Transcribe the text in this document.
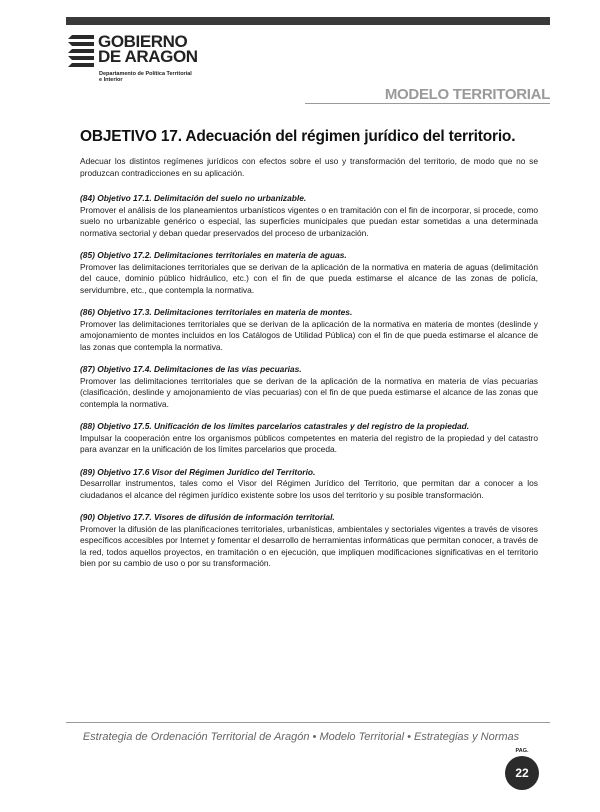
GOBIERNO
DE ARAGON
Departamento de Política Territorial
e Interior
MODELO TERRITORIAL
OBJETIVO 17. Adecuación del régimen jurídico del territorio.

Adecuar los distintos regímenes jurídicos con efectos sobre el uso y transformación del territorio, de modo que no se produzcan contradicciones en su aplicación.

(84) Objetivo 17.1. Delimitación del suelo no urbanizable.

Promover el análisis de los planeamientos urbanísticos vigentes o en tramitación con el fin de incorporar, si procede, como suelo no urbanizable genérico o especial, las superficies municipales que puedan estar sometidas a una determinada normativa sectorial y deban quedar preservados del proceso de urbanización.

(85) Objetivo 17.2. Delimitaciones territoriales en materia de aguas.

Promover las delimitaciones territoriales que se derivan de la aplicación de la normativa en materia de aguas (delimitación del cauce, dominio público hidráulico, etc.) con el fin de que pueda estimarse el alcance de las zonas de policía, servidumbre, etc., que contempla la normativa.

(86) Objetivo 17.3. Delimitaciones territoriales en materia de montes.

Promover las delimitaciones territoriales que se derivan de la aplicación de la normativa en materia de montes (deslinde y amojonamiento de montes incluidos en los Catálogos de Utilidad Pública) con el fin de que pueda estimarse el alcance de las zonas que contempla la normativa.

(87) Objetivo 17.4. Delimitaciones de las vías pecuarias.

Promover las delimitaciones territoriales que se derivan de la aplicación de la normativa en materia de vías pecuarias (clasificación, deslinde y amojonamiento de vías pecuarias) con el fin de que pueda estimarse el alcance de las zonas que contempla la normativa.

(88) Objetivo 17.5. Unificación de los límites parcelarios catastrales y del registro de la propiedad.

Impulsar la cooperación entre los organismos públicos competentes en materia del registro de la propiedad y del catastro para avanzar en la unificación de los límites parcelarios que proceda.

(89) Objetivo 17.6 Visor del Régimen Jurídico del Territorio.

Desarrollar instrumentos, tales como el Visor del Régimen Jurídico del Territorio, que permitan dar a conocer a los ciudadanos el alcance del régimen jurídico existente sobre los usos del territorio y su posible transformación.

(90) Objetivo 17.7. Visores de difusión de información territorial.

Promover la difusión de las planificaciones territoriales, urbanísticas, ambientales y sectoriales vigentes a través de visores específicos accesibles por Internet y fomentar el desarrollo de herramientas informáticas que permitan conocer, a través de la red, todos aquellos proyectos, en tramitación o en ejecución, que impliquen modificaciones significativas en el territorio bien por su cambio de uso o por su transformación.

Estrategia de Ordenación Territorial de Aragón • Modelo Territorial • Estrategias y Normas
PAG.
22
